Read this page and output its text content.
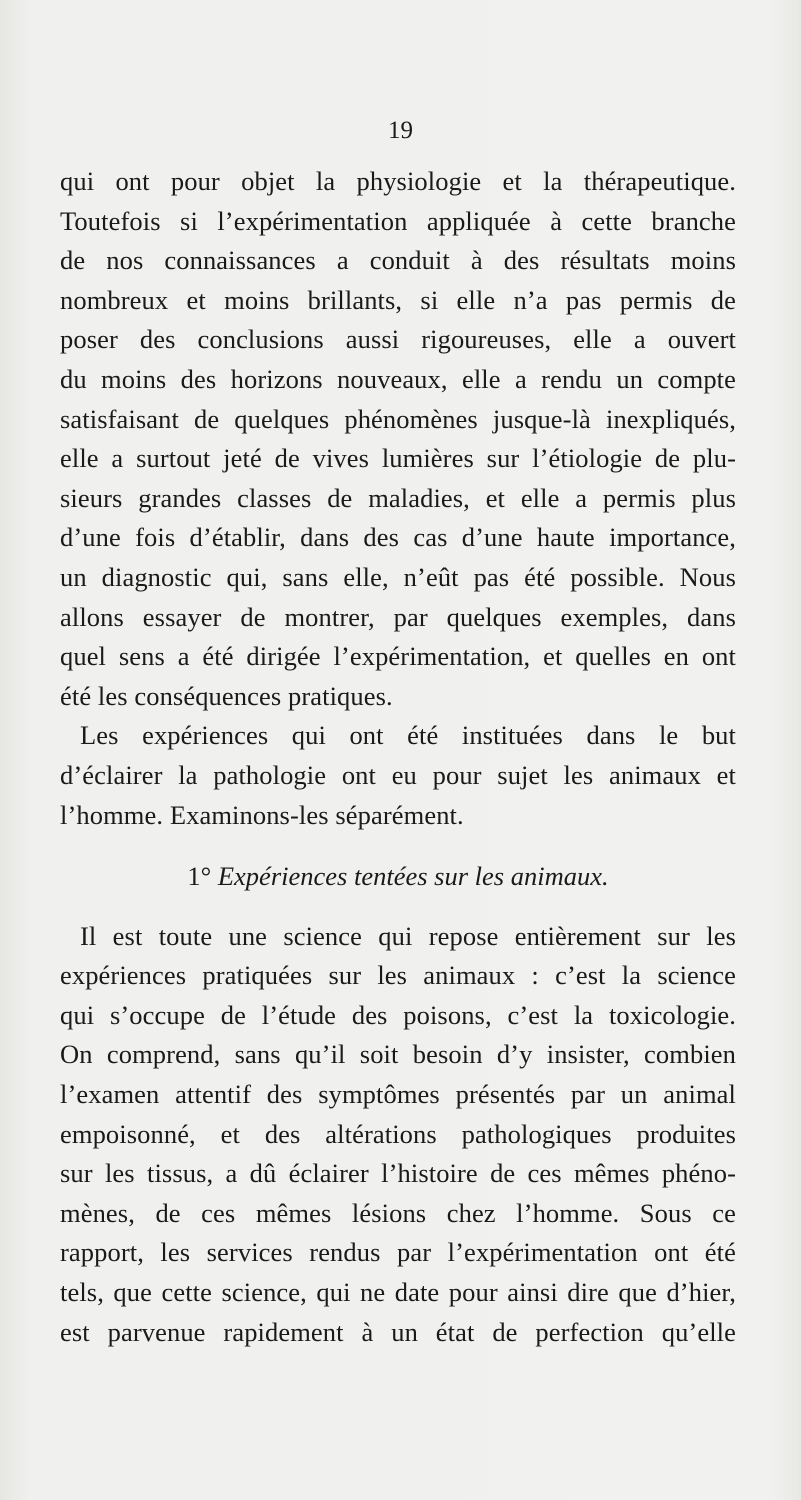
19
qui ont pour objet la physiologie et la thérapeutique.
Toutefois si l’expérimentation appliquée à cette branche
de nos connaissances a conduit à des résultats moins
nombreux et moins brillants, si elle n’a pas permis de
poser des conclusions aussi rigoureuses, elle a ouvert
du moins des horizons nouveaux, elle a rendu un compte
satisfaisant de quelques phénomènes jusque-là inexpliqués,
elle a surtout jeté de vives lumières sur l’étiologie de plu-
sieurs grandes classes de maladies, et elle a permis plus
d’une fois d’établir, dans des cas d’une haute importance,
un diagnostic qui, sans elle, n’eût pas été possible. Nous
allons essayer de montrer, par quelques exemples, dans
quel sens a été dirigée l’expérimentation, et quelles en ont
été les conséquences pratiques.
Les expériences qui ont été instituées dans le but
d’éclairer la pathologie ont eu pour sujet les animaux et
l’homme. Examinons-les séparément.
1° Expériences tentées sur les animaux.
Il est toute une science qui repose entièrement sur les
expériences pratiquées sur les animaux : c’est la science
qui s’occupe de l’étude des poisons, c’est la toxicologie.
On comprend, sans qu’il soit besoin d’y insister, combien
l’examen attentif des symptômes présentés par un animal
empoisonné, et des altérations pathologiques produites
sur les tissus, a dû éclairer l’histoire de ces mêmes phéno-
mènes, de ces mêmes lésions chez l’homme. Sous ce
rapport, les services rendus par l’expérimentation ont été
tels, que cette science, qui ne date pour ainsi dire que d’hier,
est parvenue rapidement à un état de perfection qu’elle
